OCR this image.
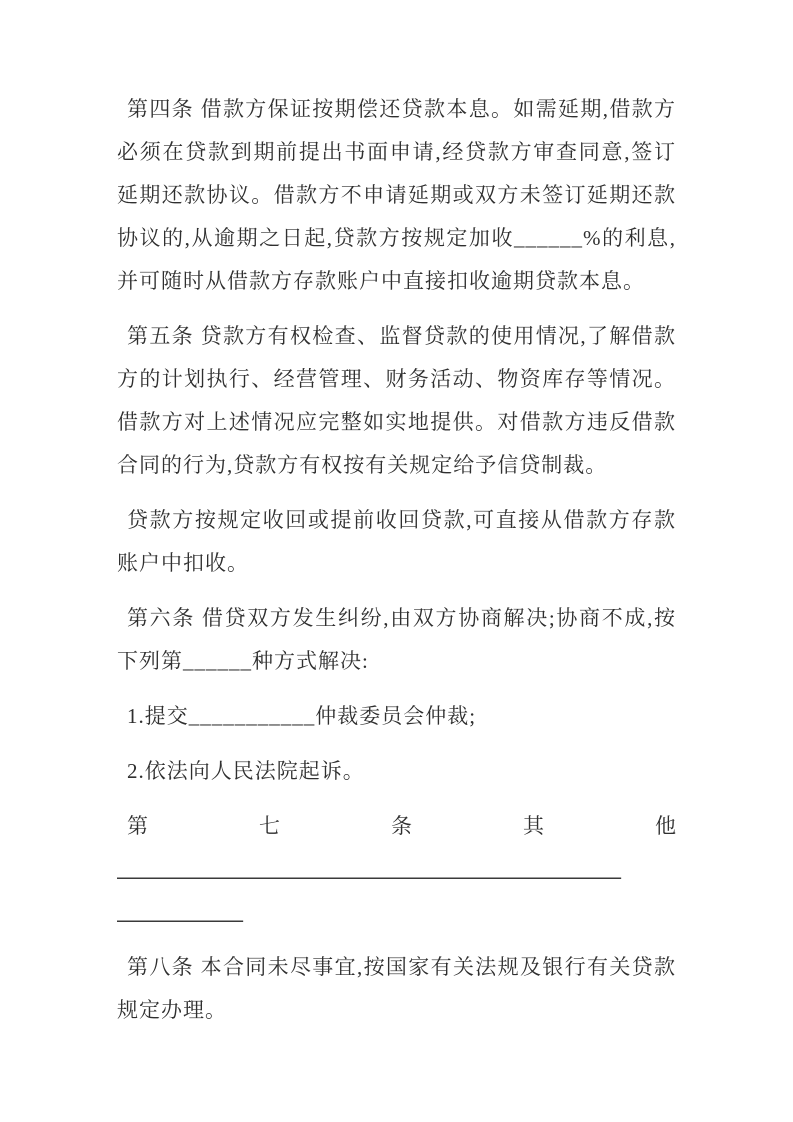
第四条 借款方保证按期偿还贷款本息。如需延期,借款方必须在贷款到期前提出书面申请,经贷款方审查同意,签订延期还款协议。借款方不申请延期或双方未签订延期还款协议的,从逾期之日起,贷款方按规定加收______%的利息,并可随时从借款方存款账户中直接扣收逾期贷款本息。

第五条 贷款方有权检查、监督贷款的使用情况,了解借款方的计划执行、经营管理、财务活动、物资库存等情况。借款方对上述情况应完整如实地提供。对借款方违反借款合同的行为,贷款方有权按有关规定给予信贷制裁。

贷款方按规定收回或提前收回贷款,可直接从借款方存款账户中扣收。

第六条 借贷双方发生纠纷,由双方协商解决;协商不成,按下列第______种方式解决:

1.提交___________仲裁委员会仲裁;

2.依法向人民法院起诉。

第	七	条	其	他
________________________________________________
____________

第八条 本合同未尽事宜,按国家有关法规及银行有关贷款规定办理。
